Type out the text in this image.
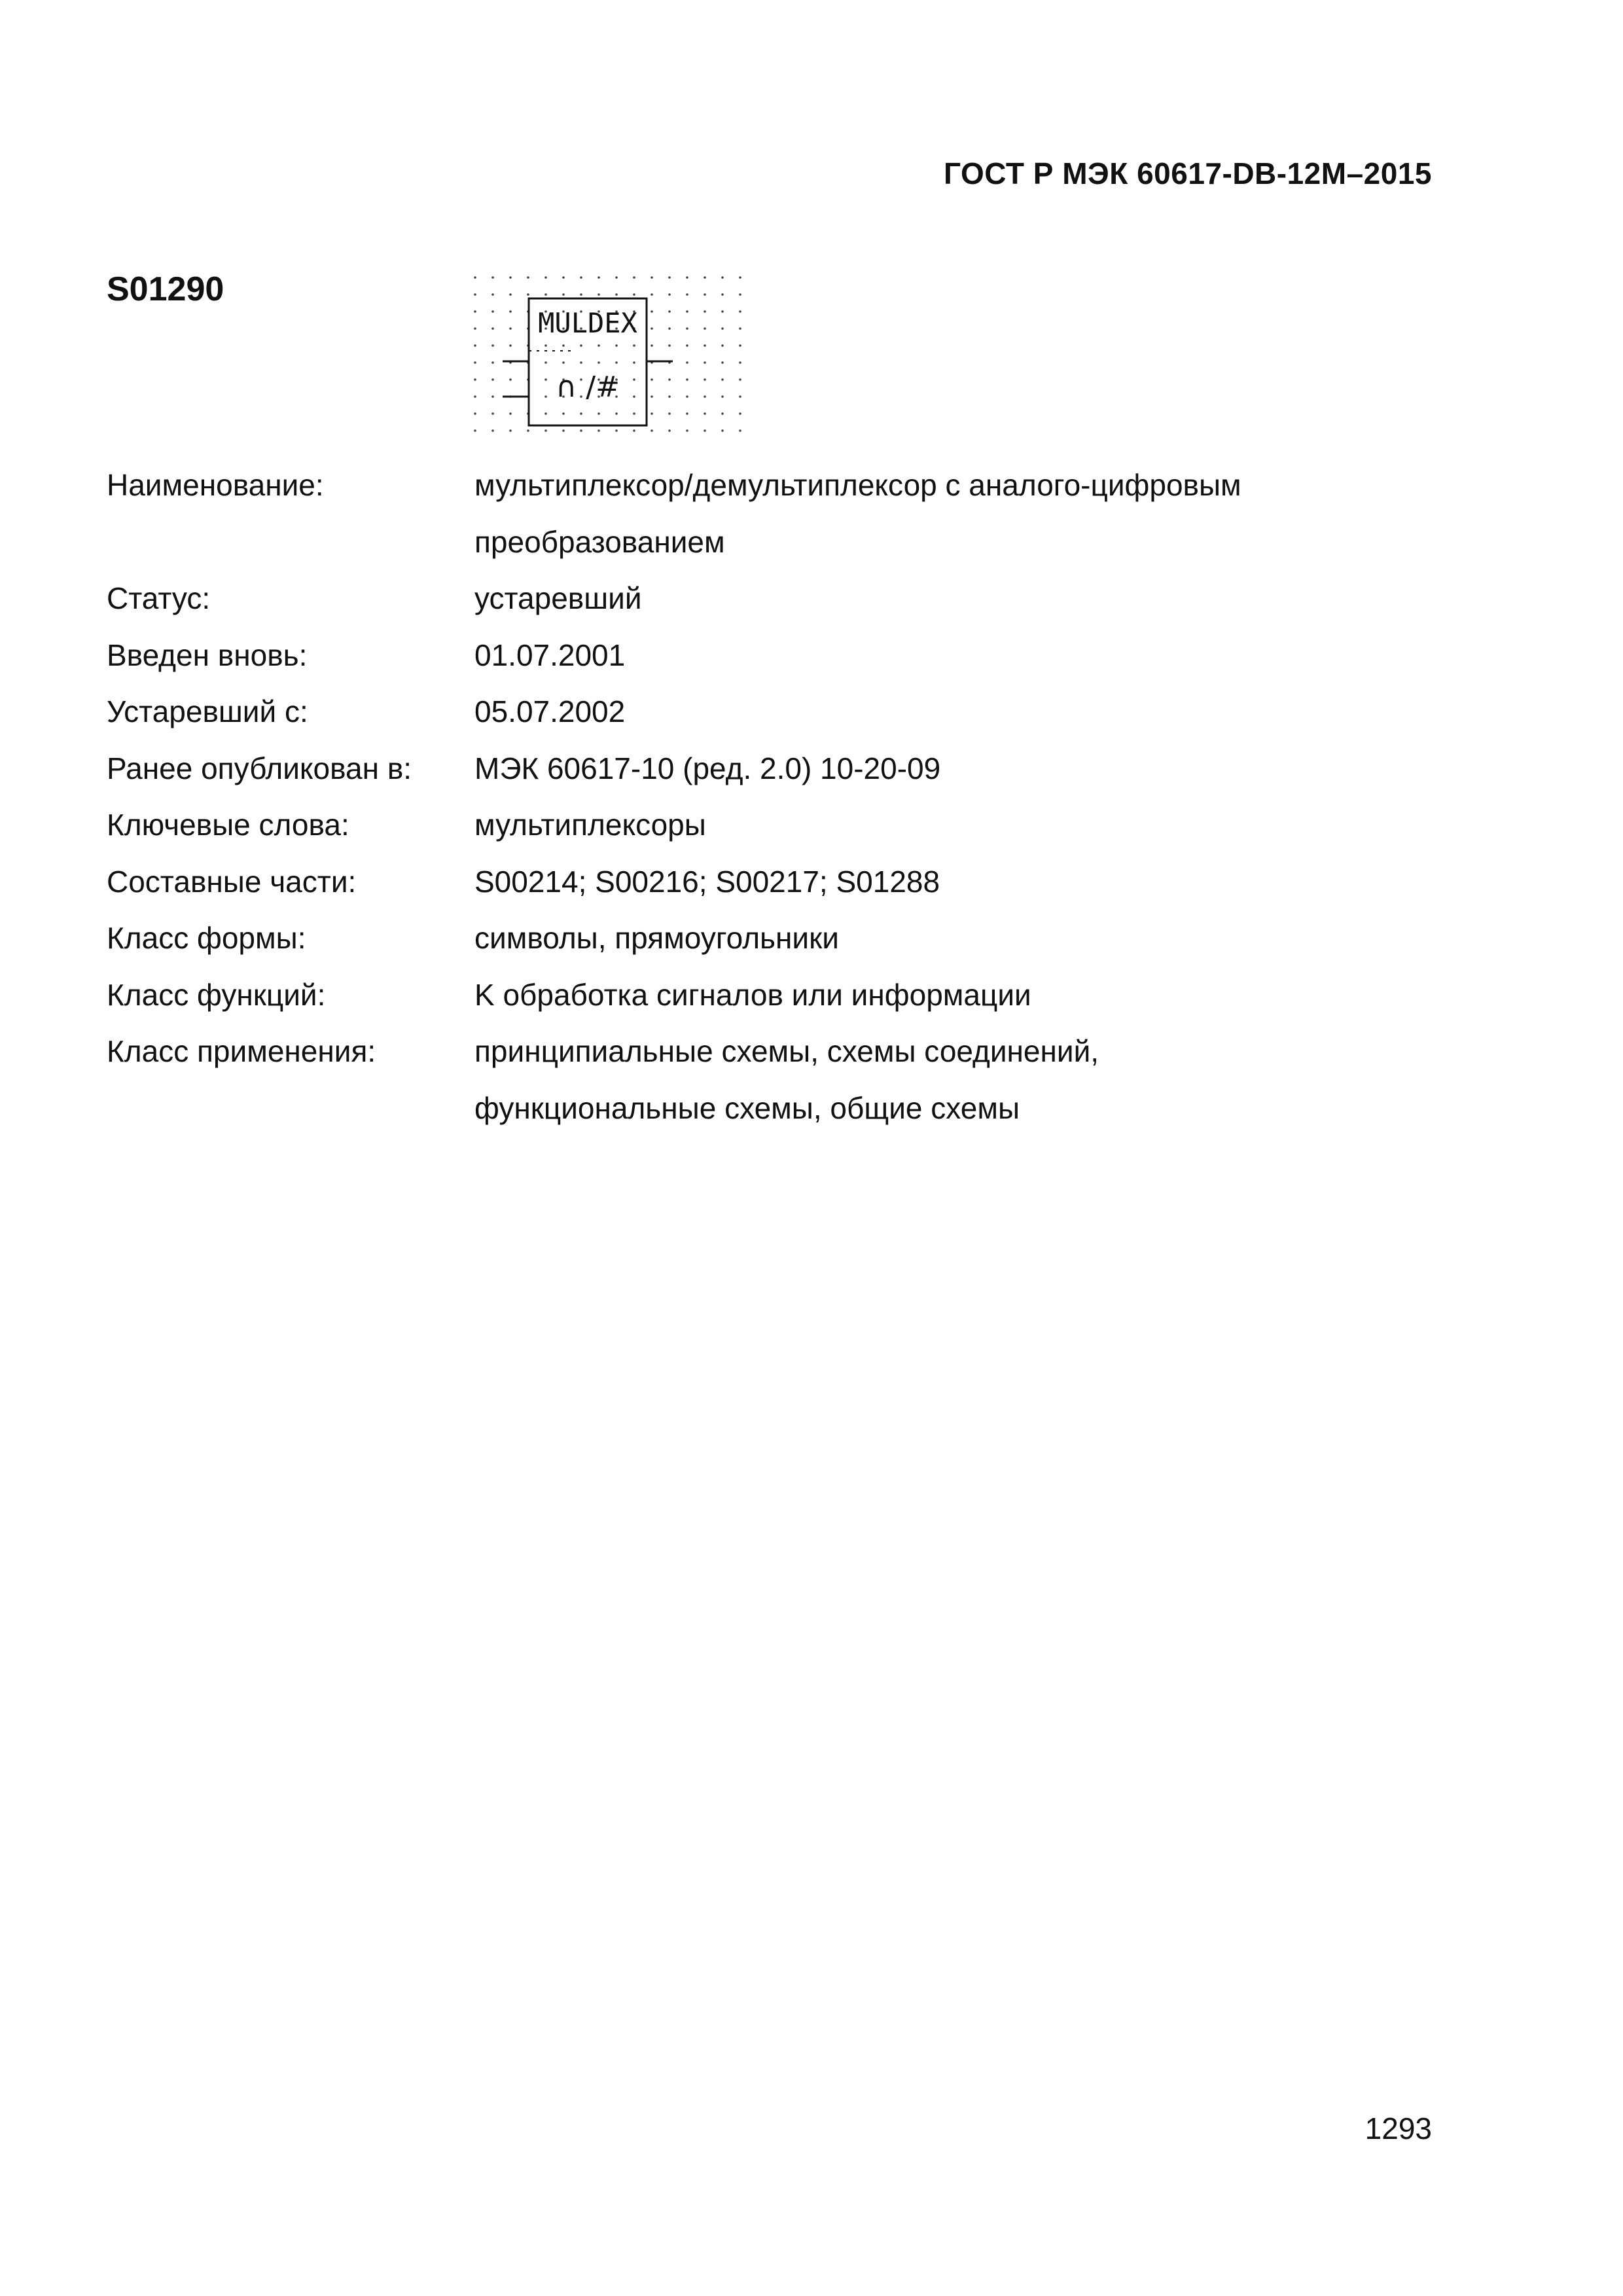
ГОСТ Р МЭК 60617-DB-12М–2015
S01290
MULDEX
∩ /#
Наименование:	мультиплексор/демультиплексор с аналого-цифровым
преобразованием
Статус:	устаревший
Введен вновь:	01.07.2001
Устаревший с:	05.07.2002
Ранее опубликован в:	МЭК 60617-10 (ред. 2.0) 10-20-09
Ключевые слова:	мультиплексоры
Составные части:	S00214; S00216; S00217; S01288
Класс формы:	символы, прямоугольники
Класс функций:	K обработка сигналов или информации
Класс применения:	принципиальные схемы, схемы соединений,
функциональные схемы, общие схемы
1293
